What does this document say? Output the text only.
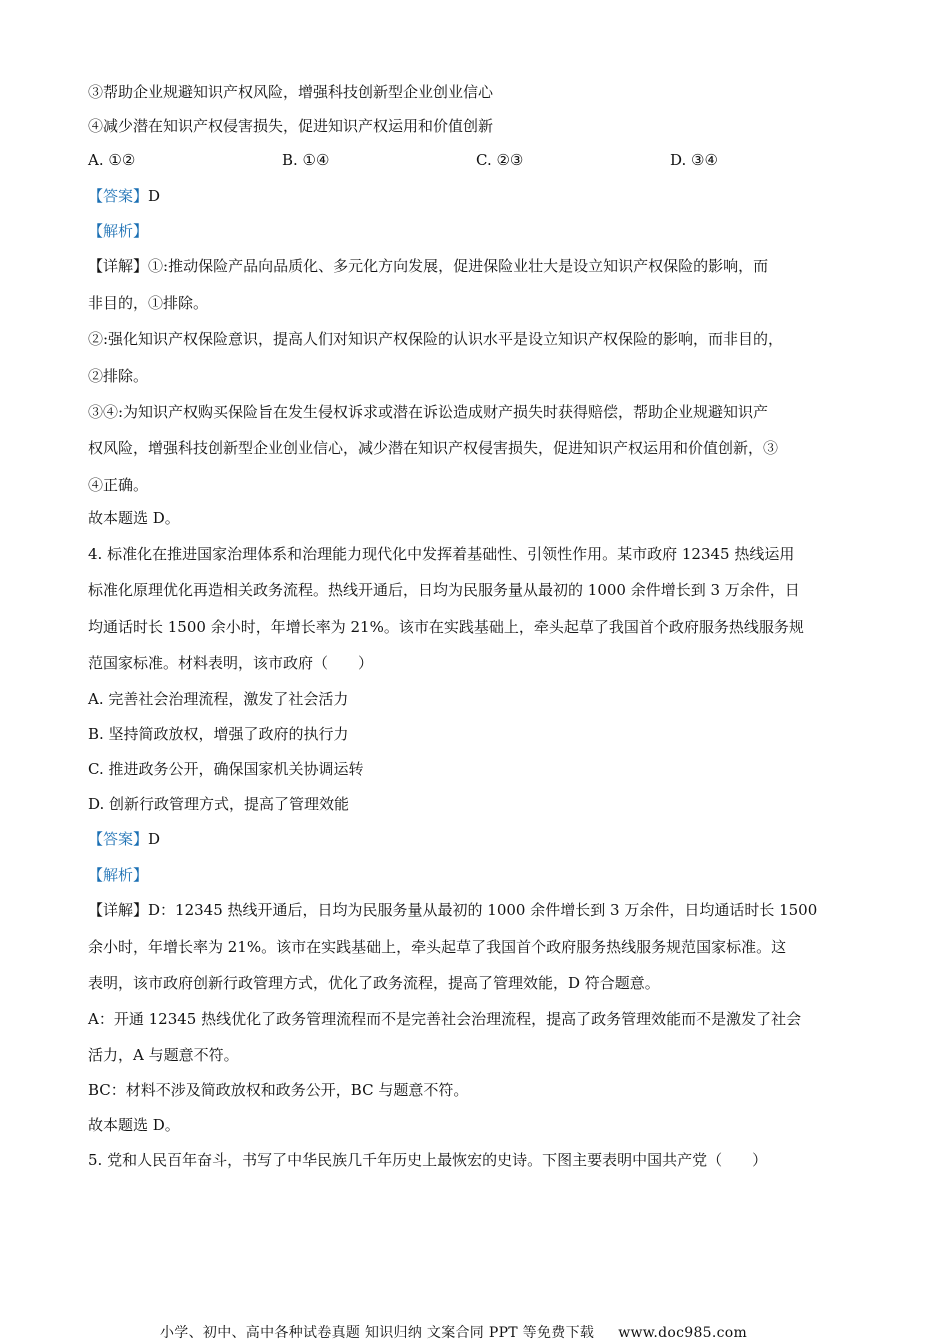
③帮助企业规避知识产权风险，增强科技创新型企业创业信心
④减少潜在知识产权侵害损失，促进知识产权运用和价值创新
A. ①②	B. ①④	C. ②③	D. ③④
【答案】D
【解析】
【详解】①:推动保险产品向品质化、多元化方向发展，促进保险业壮大是设立知识产权保险的影响，而
非目的，①排除。
②:强化知识产权保险意识，提高人们对知识产权保险的认识水平是设立知识产权保险的影响，而非目的，
②排除。
③④:为知识产权购买保险旨在发生侵权诉求或潜在诉讼造成财产损失时获得赔偿，帮助企业规避知识产
权风险，增强科技创新型企业创业信心，减少潜在知识产权侵害损失，促进知识产权运用和价值创新，③
④正确。
故本题选 D。
4. 标准化在推进国家治理体系和治理能力现代化中发挥着基础性、引领性作用。某市政府 12345 热线运用
标准化原理优化再造相关政务流程。热线开通后，日均为民服务量从最初的 1000 余件增长到 3 万余件，日
均通话时长 1500 余小时，年增长率为 21%。该市在实践基础上，牵头起草了我国首个政府服务热线服务规
范国家标准。材料表明，该市政府（　　）
A. 完善社会治理流程，激发了社会活力
B. 坚持简政放权，增强了政府的执行力
C. 推进政务公开，确保国家机关协调运转
D. 创新行政管理方式，提高了管理效能
【答案】D
【解析】
【详解】D：12345 热线开通后，日均为民服务量从最初的 1000 余件增长到 3 万余件，日均通话时长 1500
余小时，年增长率为 21%。该市在实践基础上，牵头起草了我国首个政府服务热线服务规范国家标准。这
表明，该市政府创新行政管理方式，优化了政务流程，提高了管理效能，D 符合题意。
A：开通 12345 热线优化了政务管理流程而不是完善社会治理流程，提高了政务管理效能而不是激发了社会
活力，A 与题意不符。
BC：材料不涉及简政放权和政务公开，BC 与题意不符。
故本题选 D。
5. 党和人民百年奋斗，书写了中华民族几千年历史上最恢宏的史诗。下图主要表明中国共产党（　　）
小学、初中、高中各种试卷真题 知识归纳 文案合同 PPT 等免费下载 www.doc985.com
